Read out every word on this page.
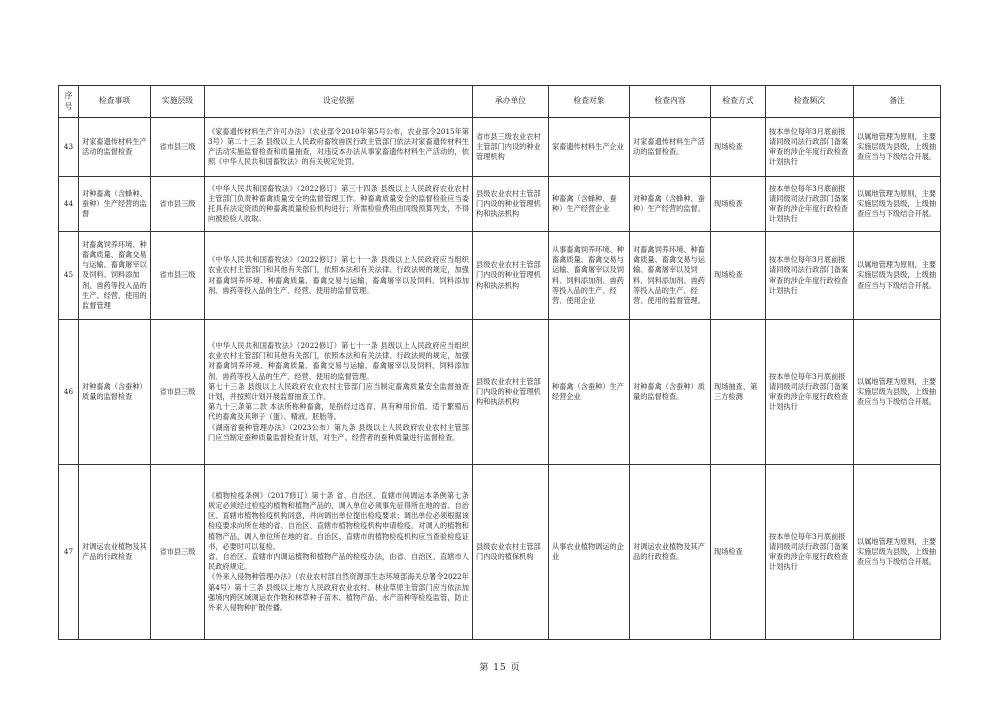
序号	检查事项	实施层级	设定依据	承办单位	检查对象	检查内容	检查方式	检查频次	备注
43	对家畜遗传材料生产活动的监督检查	省市县三级	《家畜遗传材料生产许可办法》（农业部令2010年第5号公布，农业部令2015年第3号）第二十三条 县级以上人民政府畜牧兽医行政主管部门依法对家畜遗传材料生产活动实施监督检查和质量抽查，对违反本办法从事家畜遗传材料生产活动的，依照《中华人民共和国畜牧法》的有关规定处罚。	省市县三级农业农村主管部门内设的种业管理机构	家畜遗传材料生产企业	对家畜遗传材料生产活动的监督检查。	现场检查	按本单位每年3月底前报请同级司法行政部门备案审查的涉企年度行政检查计划执行	以属地管理为原则，主要实施层级为县级，上级抽查应当与下级结合开展。
44	对种畜禽（含蜂种、蚕种）生产经营的监督	省市县三级	《中华人民共和国畜牧法》（2022修订）第三十四条 县级以上人民政府农业农村主管部门负责种畜禽质量安全的监督管理工作。种畜禽质量安全的监督检验应当委托具有法定资质的种畜禽质量检验机构进行；所需检验费用由同级预算列支，不得向被检验人收取。	县级农业农村主管部门内设的种业管理机构和执法机构	种畜禽（含蜂种、蚕种）生产经营企业	对种畜禽（含蜂种、蚕种）生产经营的监督。	现场检查	按本单位每年3月底前报请同级司法行政部门备案审查的涉企年度行政检查计划执行	以属地管理为原则，主要实施层级为县级，上级抽查应当与下级结合开展。
45	对畜禽饲养环境、种畜禽质量、畜禽交易与运输、畜禽屠宰以及饲料、饲料添加剂、兽药等投入品的生产、经营、使用的监督管理	省市县三级	《中华人民共和国畜牧法》（2022修订）第七十一条 县级以上人民政府应当组织农业农村主管部门和其他有关部门，依照本法和有关法律、行政法规的规定，加强对畜禽饲养环境、种畜禽质量、畜禽交易与运输、畜禽屠宰以及饲料、饲料添加剂、兽药等投入品的生产、经营、使用的监督管理。	县级农业农村主管部门内设的种业管理机构和执法机构	从事畜禽饲养环境、种畜禽质量、畜禽交易与运输、畜禽屠宰以及饲料、饲料添加剂、兽药等投入品的生产、经营、使用企业	对畜禽饲养环境、种畜禽质量、畜禽交易与运输、畜禽屠宰以及饲料、饲料添加剂、兽药等投入品的生产、经营、使用的监督管理。	现场检查	按本单位每年3月底前报请同级司法行政部门备案审查的涉企年度行政检查计划执行	以属地管理为原则，主要实施层级为县级，上级抽查应当与下级结合开展。
46	对种畜禽（含蚕种）质量的监督检查	省市县三级	《中华人民共和国畜牧法》（2022修订）第七十一条 县级以上人民政府应当组织农业农村主管部门和其他有关部门，依照本法和有关法律、行政法规的规定，加强对畜禽饲养环境、种畜禽质量、畜禽交易与运输、畜禽屠宰以及饲料、饲料添加剂、兽药等投入品的生产、经营、使用的监督管理。
第七十三条 县级以上人民政府农业农村主管部门应当制定畜禽质量安全监督抽查计划，并按照计划开展监督抽查工作。
第九十三条第二款 本法所称种畜禽，是指经过选育、具有种用价值、适于繁殖后代的畜禽及其卵子（蛋）、精液、胚胎等。
《湖南省蚕种管理办法》（2023公布）第九条 县级以上人民政府农业农村主管部门应当制定蚕种质量监督检查计划，对生产、经营者的蚕种质量进行监督检查。	县级农业农村主管部门内设的种业管理机构和执法机构	种畜禽（含蚕种）生产经营企业	对种畜禽（含蚕种）质量的监督检查。	现场抽查、第三方检测	按本单位每年3月底前报请同级司法行政部门备案审查的涉企年度行政检查计划执行	以属地管理为原则，主要实施层级为县级，上级抽查应当与下级结合开展。
47	对调运农业植物及其产品的行政检查	省市县三级	《植物检疫条例》（2017修订）第十条 省、自治区、直辖市间调运本条例第七条规定必须经过检疫的植物和植物产品的，调入单位必须事先征得所在地的省、自治区、直辖市植物检疫机构同意，并向调出单位提出检疫要求；调出单位必须根据该检疫要求向所在地的省、自治区、直辖市植物检疫机构申请检疫。对调入的植物和植物产品，调入单位所在地的省、自治区、直辖市的植物检疫机构应当查验检疫证书，必要时可以复检。
省、自治区、直辖市内调运植物和植物产品的检疫办法，由省、自治区、直辖市人民政府规定。
《外来入侵物种管理办法》（农业农村部自然资源部生态环境部海关总署令2022年第4号）第十三条 县级以上地方人民政府农业农村、林业草原主管部门应当依法加强境内跨区域调运农作物和林草种子苗木、植物产品、水产苗种等检疫监管，防止外来入侵物种扩散传播。	县级农业农村主管部门内设的植保机构	从事农业植物调运的企业	对调运农业植物及其产品的行政检查。	现场检查	按本单位每年3月底前报请同级司法行政部门备案审查的涉企年度行政检查计划执行	以属地管理为原则，主要实施层级为县级，上级抽查应当与下级结合开展。
第 15 页
